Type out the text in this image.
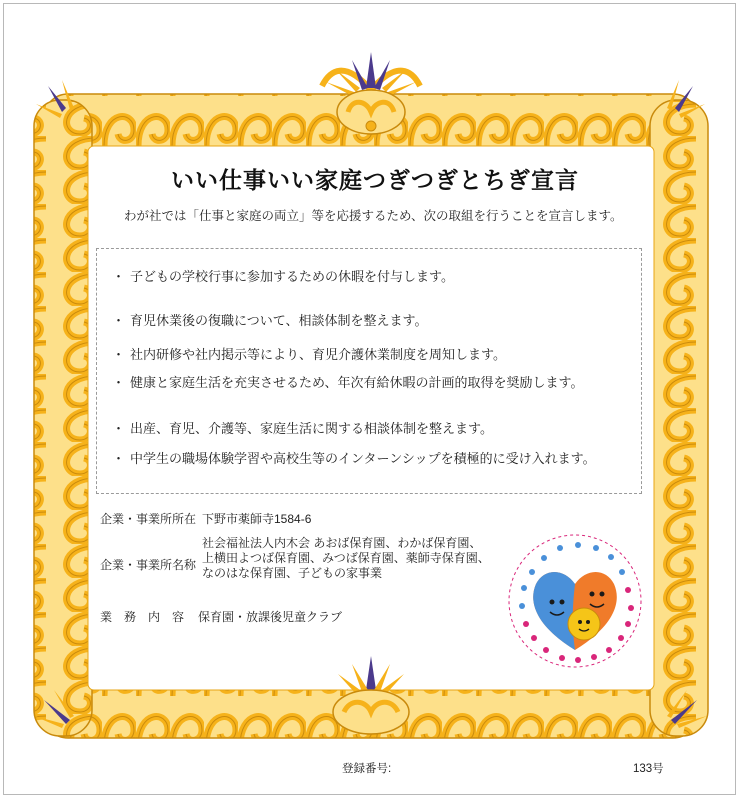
いい仕事いい家庭つぎつぎとちぎ宣言
わが社では「仕事と家庭の両立」等を応援するため、次の取組を行うことを宣言します。
・ 子どもの学校行事に参加するための休暇を付与します。
・ 育児休業後の復職について、相談体制を整えます。
・ 社内研修や社内掲示等により、育児介護休業制度を周知します。
・ 健康と家庭生活を充実させるため、年次有給休暇の計画的取得を奨励します。
・ 出産、育児、介護等、家庭生活に関する相談体制を整えます。
・ 中学生の職場体験学習や高校生等のインターンシップを積極的に受け入れます。
企業・事業所所在 下野市薬師寺1584-6
企業・事業所名称
社会福祉法人内木会 あおば保育園、わかば保育園、上横田よつば保育園、みつば保育園、薬師寺保育園、なのはな保育園、子どもの家事業
業　務　内　容 保育園・放課後児童クラブ
登録番号:	133号
